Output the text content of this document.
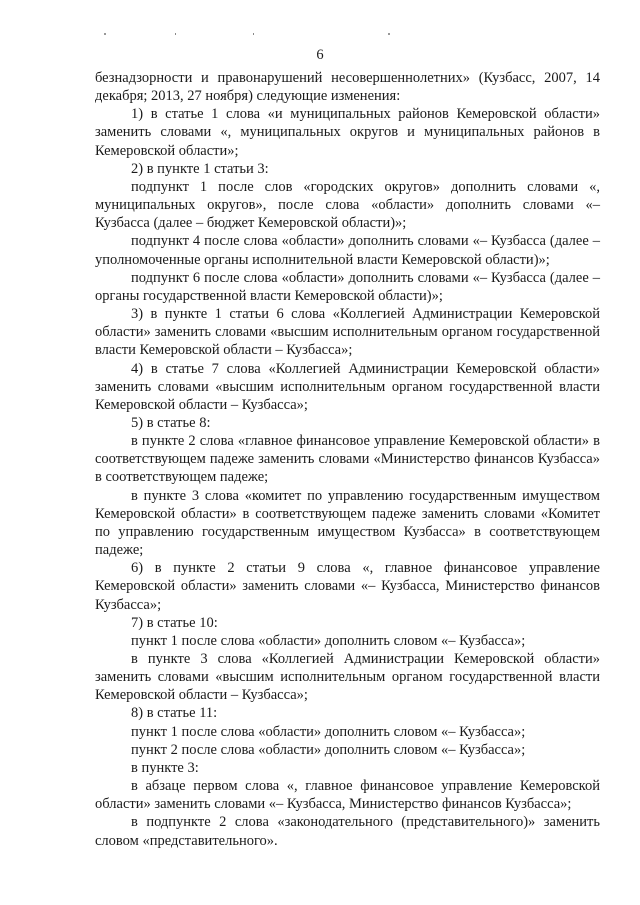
6

безнадзорности и правонарушений несовершеннолетних» (Кузбасс, 2007, 14 декабря; 2013, 27 ноября) следующие изменения:

1) в статье 1 слова «и муниципальных районов Кемеровской области» заменить словами «, муниципальных округов и муниципальных районов в Кемеровской области»;

2) в пункте 1 статьи 3:

подпункт 1 после слов «городских округов» дополнить словами «, муниципальных округов», после слова «области» дополнить словами «– Кузбасса (далее – бюджет Кемеровской области)»;

подпункт 4 после слова «области» дополнить словами «– Кузбасса (далее – уполномоченные органы исполнительной власти Кемеровской области)»;

подпункт 6 после слова «области» дополнить словами «– Кузбасса (далее – органы государственной власти Кемеровской области)»;

3) в пункте 1 статьи 6 слова «Коллегией Администрации Кемеровской области» заменить словами «высшим исполнительным органом государственной власти Кемеровской области – Кузбасса»;

4) в статье 7 слова «Коллегией Администрации Кемеровской области» заменить словами «высшим исполнительным органом государственной власти Кемеровской области – Кузбасса»;

5) в статье 8:

в пункте 2 слова «главное финансовое управление Кемеровской области» в соответствующем падеже заменить словами «Министерство финансов Кузбасса» в соответствующем падеже;

в пункте 3 слова «комитет по управлению государственным имуществом Кемеровской области» в соответствующем падеже заменить словами «Комитет по управлению государственным имуществом Кузбасса» в соответствующем падеже;

6) в пункте 2 статьи 9 слова «, главное финансовое управление Кемеровской области» заменить словами «– Кузбасса, Министерство финансов Кузбасса»;

7) в статье 10:

пункт 1 после слова «области» дополнить словом «– Кузбасса»;

в пункте 3 слова «Коллегией Администрации Кемеровской области» заменить словами «высшим исполнительным органом государственной власти Кемеровской области – Кузбасса»;

8) в статье 11:

пункт 1 после слова «области» дополнить словом «– Кузбасса»;

пункт 2 после слова «области» дополнить словом «– Кузбасса»;

в пункте 3:

в абзаце первом слова «, главное финансовое управление Кемеровской области» заменить словами «– Кузбасса, Министерство финансов Кузбасса»;

в подпункте 2 слова «законодательного (представительного)» заменить словом «представительного».
